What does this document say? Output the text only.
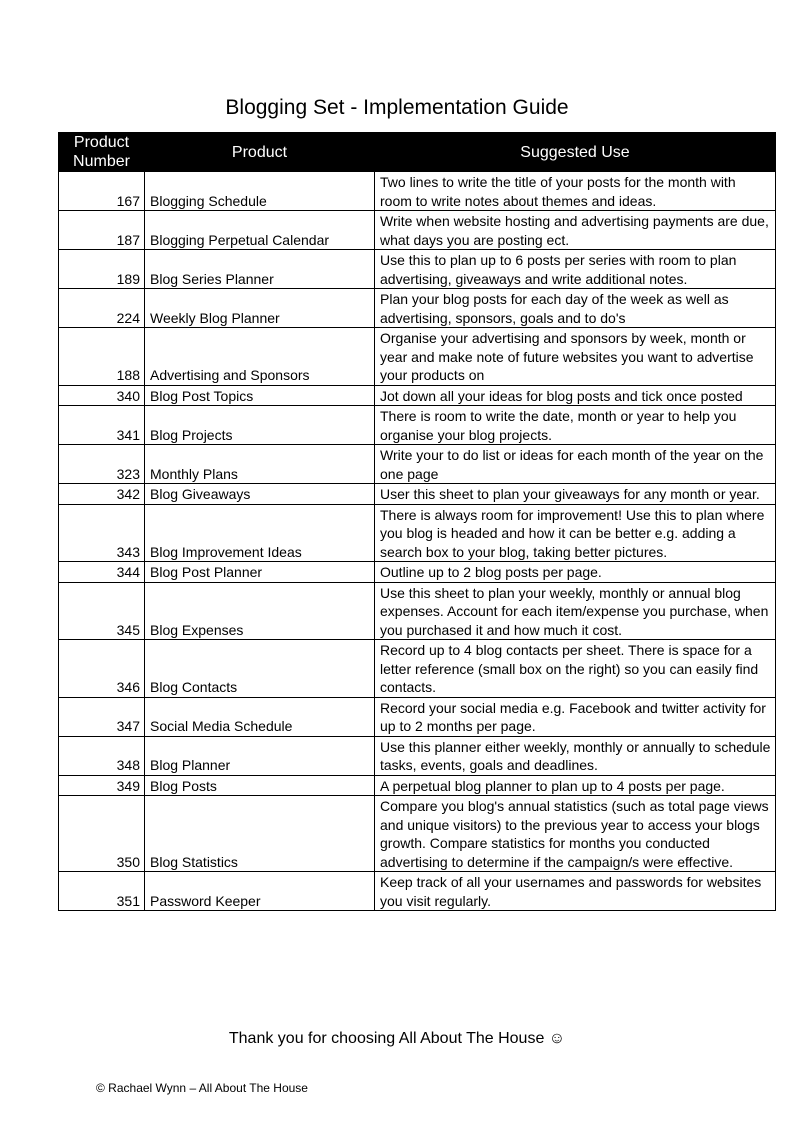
Blogging Set - Implementation Guide
Product Number	Product	Suggested Use
167	Blogging Schedule	Two lines to write the title of your posts for the month with room to write notes about themes and ideas.
187	Blogging Perpetual Calendar	Write when website hosting and advertising payments are due, what days you are posting ect.
189	Blog Series Planner	Use this to plan up to 6 posts per series with room to plan advertising, giveaways and write additional notes.
224	Weekly Blog Planner	Plan your blog posts for each day of the week as well as advertising, sponsors, goals and to do's
188	Advertising and Sponsors	Organise your advertising and sponsors by week, month or year and make note of future websites you want to advertise your products on
340	Blog Post Topics	Jot down all your ideas for blog posts and tick once posted
341	Blog Projects	There is room to write the date, month or year to help you organise your blog projects.
323	Monthly Plans	Write your to do list or ideas for each month of the year on the one page
342	Blog Giveaways	User this sheet to plan your giveaways for any month or year.
343	Blog Improvement Ideas	There is always room for improvement! Use this to plan where you blog is headed and how it can be better e.g. adding a search box to your blog, taking better pictures.
344	Blog Post Planner	Outline up to 2 blog posts per page.
345	Blog Expenses	Use this sheet to plan your weekly, monthly or annual blog expenses. Account for each item/expense you purchase, when you purchased it and how much it cost.
346	Blog Contacts	Record up to 4 blog contacts per sheet. There is space for a letter reference (small box on the right) so you can easily find contacts.
347	Social Media Schedule	Record your social media e.g. Facebook and twitter activity for up to 2 months per page.
348	Blog Planner	Use this planner either weekly, monthly or annually to schedule tasks, events, goals and deadlines.
349	Blog Posts	A perpetual blog planner to plan up to 4 posts per page.
350	Blog Statistics	Compare you blog's annual statistics (such as total page views and unique visitors) to the previous year to access your blogs growth. Compare statistics for months you conducted advertising to determine if the campaign/s were effective.
351	Password Keeper	Keep track of all your usernames and passwords for websites you visit regularly.
Thank you for choosing All About The House ☺
© Rachael Wynn – All About The House
